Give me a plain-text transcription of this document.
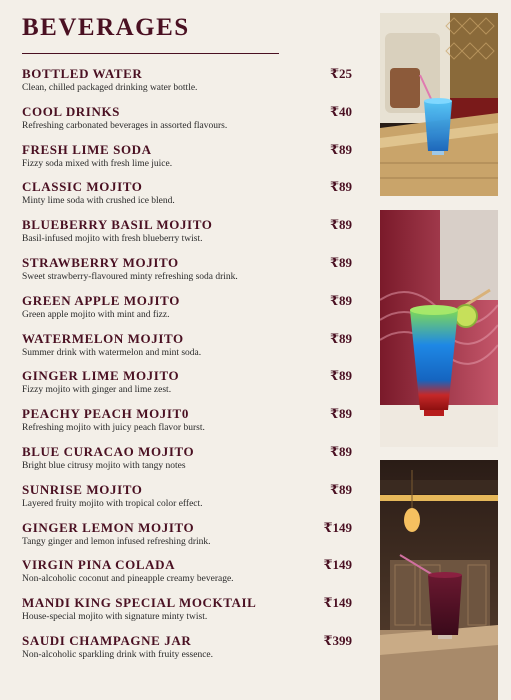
BEVERAGES
BOTTLED WATER
Clean, chilled packaged drinking water bottle.
₹25
COOL DRINKS
Refreshing carbonated beverages in assorted flavours.
₹40
FRESH LIME SODA
Fizzy soda mixed with fresh lime juice.
₹89
CLASSIC MOJITO
Minty lime soda with crushed ice blend.
₹89
BLUEBERRY BASIL MOJITO
Basil-infused mojito with fresh blueberry twist.
₹89
STRAWBERRY MOJITO
Sweet strawberry-flavoured minty refreshing soda drink.
₹89
GREEN APPLE MOJITO
Green apple mojito with mint and fizz.
₹89
WATERMELON MOJITO
Summer drink with watermelon and mint soda.
₹89
GINGER LIME MOJITO
Fizzy mojito with ginger and lime zest.
₹89
PEACHY PEACH MOJIT0
Refreshing mojito with juicy peach flavor burst.
₹89
BLUE CURACAO MOJITO
Bright blue citrusy mojito with tangy notes
₹89
SUNRISE MOJITO
Layered fruity mojito with tropical color effect.
₹89
GINGER LEMON MOJITO
Tangy ginger and lemon infused refreshing drink.
₹149
VIRGIN PINA COLADA
Non-alcoholic coconut and pineapple creamy beverage.
₹149
MANDI KING SPECIAL MOCKTAIL
House-special mojito with signature minty twist.
₹149
SAUDI CHAMPAGNE JAR
Non-alcoholic sparkling drink with fruity essence.
₹399
